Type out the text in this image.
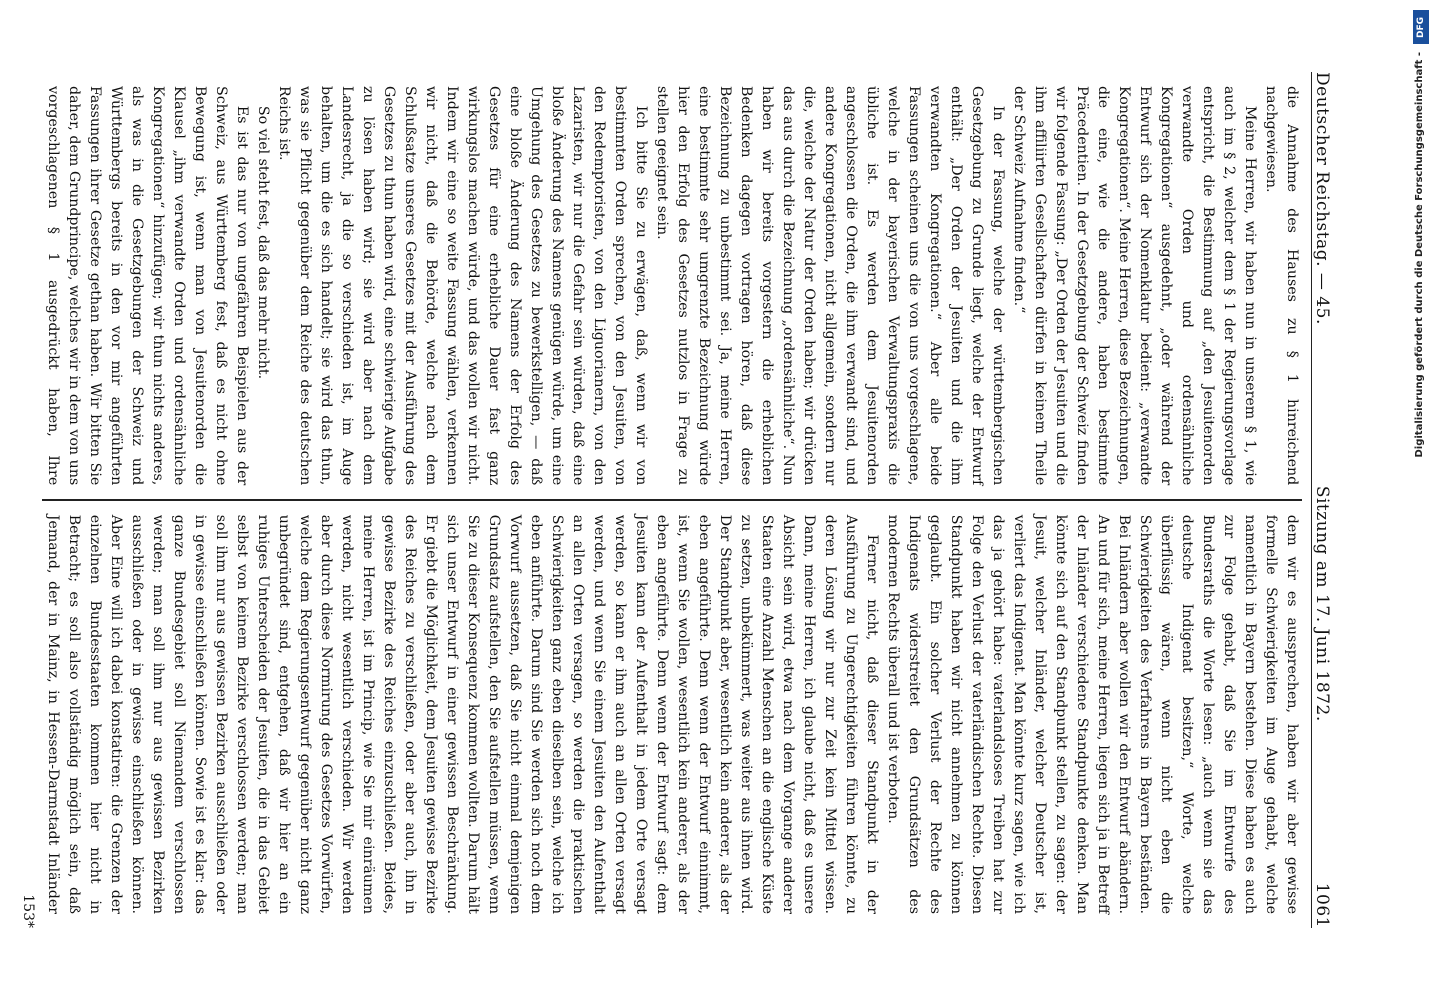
Deutscher Reichstag. — 45.
Sitzung am 17. Juni 1872.
1061

die Annahme des Hauses zu § 1 hinreichend nachgewiesen.

Meine Herren, wir haben nun in unserem § 1, wie auch im § 2, welcher dem § 1 der Regierungsvorlage entspricht, die Bestimmung auf „den Jesuitenorden verwandte Orden und ordensähnliche Kongregationen“ ausgedehnt, „oder während der Entwurf sich der Nomenklatur bedient: „verwandte Kongregationen“. Meine Herren, diese Bezeichnungen, die eine, wie die andere, haben bestimmte Präcedentien. In der Gesetzgebung der Schweiz finden wir folgende Fassung: „Der Orden der Jesuiten und die ihm affiliirten Gesellschaften dürfen in keinem Theile der Schweiz Aufnahme finden.“

In der Fassung, welche der württembergischen Gesetzgebung zu Grunde liegt, welche der Entwurf enthält: „Der Orden der Jesuiten und die ihm verwandten Kongregationen.“ Aber alle beide Fassungen scheinen uns die von uns vorgeschlagene, welche in der bayerischen Verwaltungspraxis die übliche ist. Es werden dem Jesuitenorden angeschlossen die Orden, die ihm verwandt sind, und andere Kongregationen, nicht allgemein, sondern nur die, welche der Natur der Orden haben; wir drücken das aus durch die Bezeichnung „ordensähnliche“. Nun haben wir bereits vorgestern die erheblichen Bedenken dagegen vortragen hören, daß diese Bezeichnung zu unbestimmt sei. Ja, meine Herren, eine bestimmte sehr umgrenzte Bezeichnung würde hier den Erfolg des Gesetzes nutzlos in Frage zu stellen geeignet sein.

Ich bitte Sie zu erwägen, daß, wenn wir von bestimmten Orden sprechen, von den Jesuiten, von den Redemptoristen, von den Liguorianern, von den Lazaristen, wir nur die Gefahr sein würden, daß eine bloße Änderung des Namens genügen würde, um eine Umgehung des Gesetzes zu bewerkstelligen, — daß eine bloße Änderung des Namens der Erfolg des Gesetzes für eine erhebliche Dauer fast ganz wirkungslos machen würde, und das wollen wir nicht. Indem wir eine so weite Fassung wählen, verkennen wir nicht, daß die Behörde, welche nach dem Schlußsatze unseres Gesetzes mit der Ausführung des Gesetzes zu thun haben wird, eine schwierige Aufgabe zu lösen haben wird; sie wird aber nach dem Landesrecht, ja die so verschieden ist, im Auge behalten, um die es sich handelt; sie wird das thun, was sie Pflicht gegenüber dem Reiche des deutschen Reichs ist.

So viel steht fest, daß das mehr nicht.

Es ist das nur von ungefähren Beispielen aus der Schweiz, aus Württemberg fest, daß es nicht ohne Bewegung ist, wenn man von Jesuitenorden die Klausel „ihm verwandte Orden und ordensähnliche Kongregationen“ hinzufügen; wir thun nichts anderes, als was in die Gesetzgebungen der Schweiz und Württembergs bereits in den vor mir angeführten Fassungen ihrer Gesetze gethan haben. Wir bitten Sie daher, dem Grundprincipe, welches wir in dem von uns vorgeschlagenen § 1 ausgedrückt haben, Ihre

dem wir es aussprechen, haben wir aber gewisse formelle Schwierigkeiten im Auge gehabt, welche namentlich in Bayern bestehen. Diese haben es auch zur Folge gehabt, daß Sie im Entwurfe des Bundesraths die Worte lesen: „auch wenn sie das deutsche Indigenat besitzen,“ Worte, welche überflüssig wären, wenn nicht eben die Schwierigkeiten des Verfahrens in Bayern beständen. Bei Inländern aber wollen wir den Entwurf abändern. An und für sich, meine Herren, liegen sich ja in Betreff der Inländer verschiedene Standpunkte denken. Man könnte sich auf den Standpunkt stellen, zu sagen: der Jesuit, welcher Inländer, welcher Deutscher ist, verliert das Indigenat. Man könnte kurz sagen, wie ich das ja gehört habe: vaterlandsloses Treiben hat zur Folge den Verlust der vaterländischen Rechte. Diesen Standpunkt haben wir nicht annehmen zu können geglaubt. Ein solcher Verlust der Rechte des Indigenats widerstreitet den Grundsätzen des modernen Rechts überall und ist verboten.

Ferner nicht, daß dieser Standpunkt in der Ausführung zu Ungerechtigkeiten führen könnte, zu deren Lösung wir nur zur Zeit kein Mittel wissen. Dann, meine Herren, ich glaube nicht, daß es unsere Absicht sein wird, etwa nach dem Vorgange anderer Staaten eine Anzahl Menschen an die englische Küste zu setzen, unbekümmert, was weiter aus ihnen wird. Der Standpunkt aber, wesentlich kein anderer, als der eben angeführte. Denn wenn der Entwurf einnimmt, ist, wenn Sie wollen, wesentlich kein anderer, als der eben angeführte. Denn wenn der Entwurf sagt: dem Jesuiten kann der Aufenthalt in jedem Orte versagt werden, so kann er ihm auch an allen Orten versagt werden, und wenn Sie einem Jesuiten den Aufenthalt an allen Orten versagen, so werden die praktischen Schwierigkeiten ganz eben dieselben sein, welche ich eben anführte. Darum sind Sie werden sich noch dem Vorwurf aussetzen, daß Sie nicht einmal demjenigen Grundsatz aufstellen, den Sie aufstellen müssen, wenn Sie zu dieser Konsequenz kommen wollten. Darum hält sich unser Entwurf in einer gewissen Beschränkung. Er giebt die Möglichkeit, dem Jesuiten gewisse Bezirke des Reiches zu verschließen, oder aber auch, ihn in gewisse Bezirke des Reiches einzuschließen. Beides, meine Herren, ist im Princip, wie Sie mir einräumen werden, nicht wesentlich verschieden. Wir werden aber durch diese Normirung des Gesetzes Vorwürfen, welche dem Regierungsentwurf gegenüber nicht ganz unbegründet sind, entgehen, daß wir hier an ein ruhiges Unterscheiden der Jesuiten, die in das Gebiet selbst von keinem Bezirke verschlossen werden; man soll ihm nur aus gewissen Bezirken ausschließen oder in gewisse einschließen können. Sowie ist es klar: das ganze Bundesgebiet soll Niemandem verschlossen werden; man soll ihm nur aus gewissen Bezirken ausschließen oder in gewisse einschließen können. Aber Eine will ich dabei konstatiren: die Grenzen der einzelnen Bundesstaaten kommen hier nicht in Betracht; es soll also vollständig möglich sein, daß Jemand, der in Mainz, in Hessen-Darmstadt Inländer

153*
DFG
Digitalisierung gefördert durch die Deutsche Forschungsgemeinschaft -
